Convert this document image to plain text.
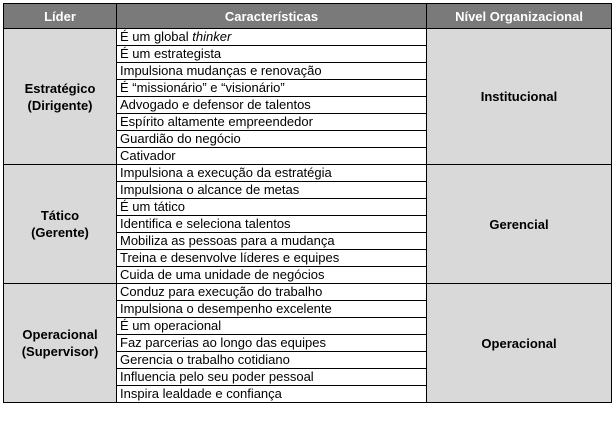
Líder	Características	Nível Organizacional

Estratégico
(Dirigente)	É um global thinker	Institucional
	É um estrategista	
	Impulsiona mudanças e renovação	
	É “missionário” e “visionário”	
	Advogado e defensor de talentos	
	Espírito altamente empreendedor	
	Guardião do negócio	
	Cativador	

Tático
(Gerente)	Impulsiona a execução da estratégia	Gerencial
	Impulsiona o alcance de metas	
	É um tático	
	Identifica e seleciona talentos	
	Mobiliza as pessoas para a mudança	
	Treina e desenvolve líderes e equipes	
	Cuida de uma unidade de negócios	

Operacional
(Supervisor)	Conduz para execução do trabalho	Operacional
	Impulsiona o desempenho excelente	
	É um operacional	
	Faz parcerias ao longo das equipes	
	Gerencia o trabalho cotidiano	
	Influencia pelo seu poder pessoal	
	Inspira lealdade e confiança	
